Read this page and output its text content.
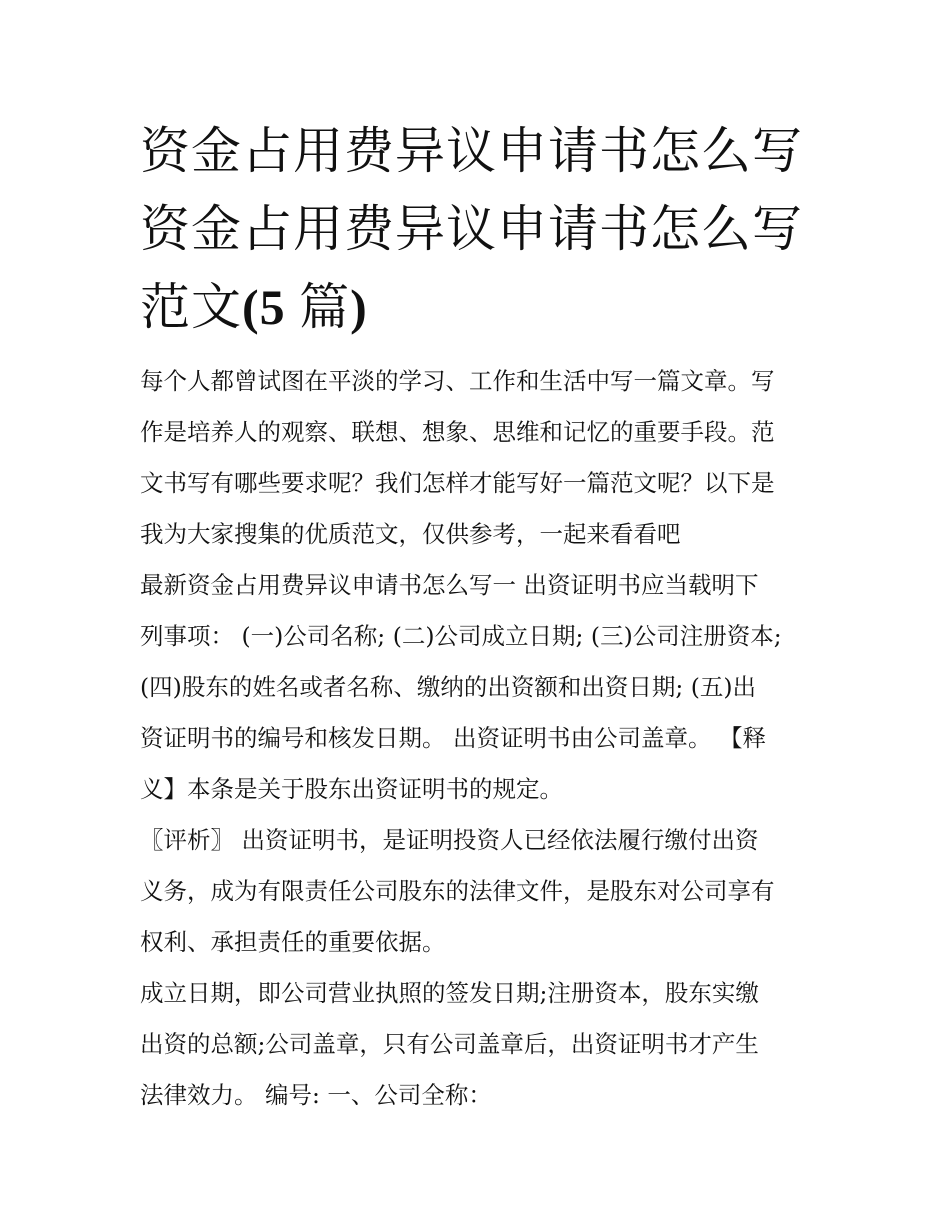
资金占用费异议申请书怎么写
资金占用费异议申请书怎么写
范文(5 篇)

每个人都曾试图在平淡的学习、工作和生活中写一篇文章。写
作是培养人的观察、联想、想象、思维和记忆的重要手段。范
文书写有哪些要求呢？我们怎样才能写好一篇范文呢？以下是
我为大家搜集的优质范文，仅供参考，一起来看看吧

最新资金占用费异议申请书怎么写一 出资证明书应当载明下
列事项： (一)公司名称; (二)公司成立日期; (三)公司注册资本;
(四)股东的姓名或者名称、缴纳的出资额和出资日期; (五)出
资证明书的编号和核发日期。 出资证明书由公司盖章。 【释
义】本条是关于股东出资证明书的规定。

〖评析〗 出资证明书，是证明投资人已经依法履行缴付出资
义务，成为有限责任公司股东的法律文件，是股东对公司享有
权利、承担责任的重要依据。

成立日期，即公司营业执照的签发日期;注册资本，股东实缴
出资的总额;公司盖章，只有公司盖章后，出资证明书才产生
法律效力。 编号: 一、公司全称：
